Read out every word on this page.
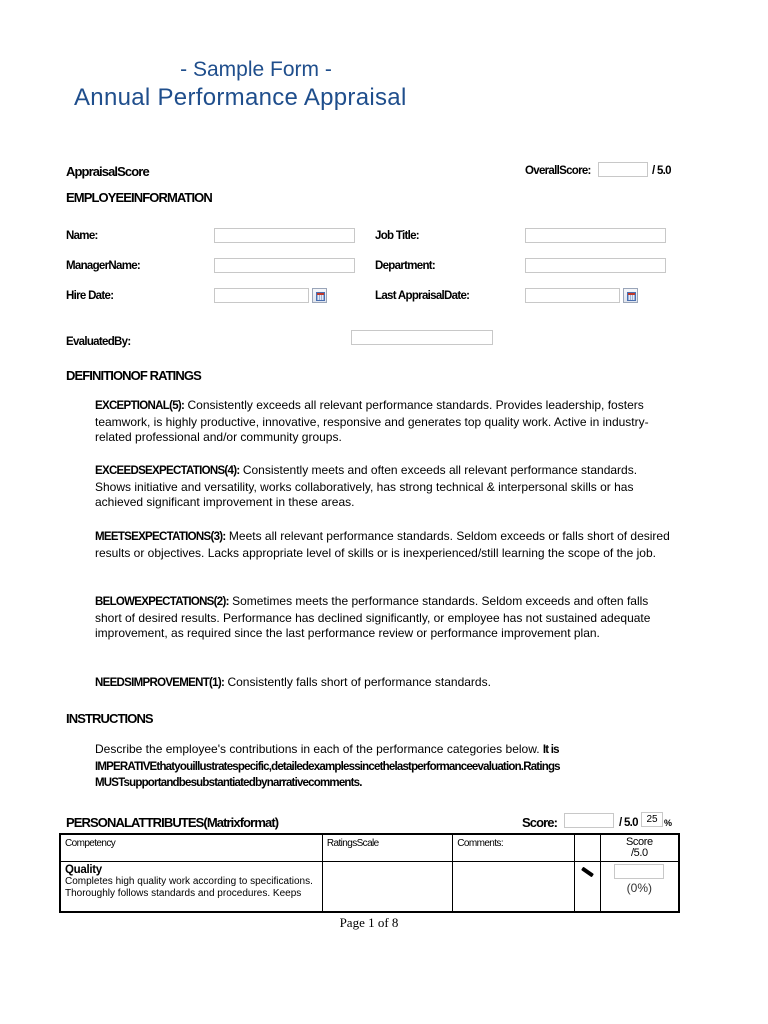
- Sample Form -
Annual Performance Appraisal
AppraisalScore	OverallScore:	/ 5.0
EMPLOYEEINFORMATION
Name:	Job Title:
ManagerName:	Department:
Hire Date:	Last AppraisalDate:
EvaluatedBy:
DEFINITIONOF RATINGS
EXCEPTIONAL(5): Consistently exceeds all relevant performance standards. Provides leadership, fosters teamwork, is highly productive, innovative, responsive and generates top quality work. Active in industry-related professional and/or community groups.
EXCEEDSEXPECTATIONS(4): Consistently meets and often exceeds all relevant performance standards. Shows initiative and versatility, works collaboratively, has strong technical & interpersonal skills or has achieved significant improvement in these areas.
MEETSEXPECTATIONS(3): Meets all relevant performance standards. Seldom exceeds or falls short of desired results or objectives. Lacks appropriate level of skills or is inexperienced/still learning the scope of the job.
BELOWEXPECTATIONS(2): Sometimes meets the performance standards. Seldom exceeds and often falls short of desired results. Performance has declined significantly, or employee has not sustained adequate improvement, as required since the last performance review or performance improvement plan.
NEEDSIMPROVEMENT(1): Consistently falls short of performance standards.
INSTRUCTIONS
Describe the employee's contributions in each of the performance categories below. It is IMPERATIVEthatyouillustratespecific,detailedexamplessincethelastperformanceevaluation.Ratings MUSTsupportandbesubstantiatedbynarrativecomments.
PERSONALATTRIBUTES(Matrixformat)	Score:	/ 5.0 25 %
Competency	RatingsScale	Comments:		Score
/5.0

Quality
Completes high quality work according to specifications. Thoroughly follows standards and procedures. Keeps				(0%)
Page 1 of 8
